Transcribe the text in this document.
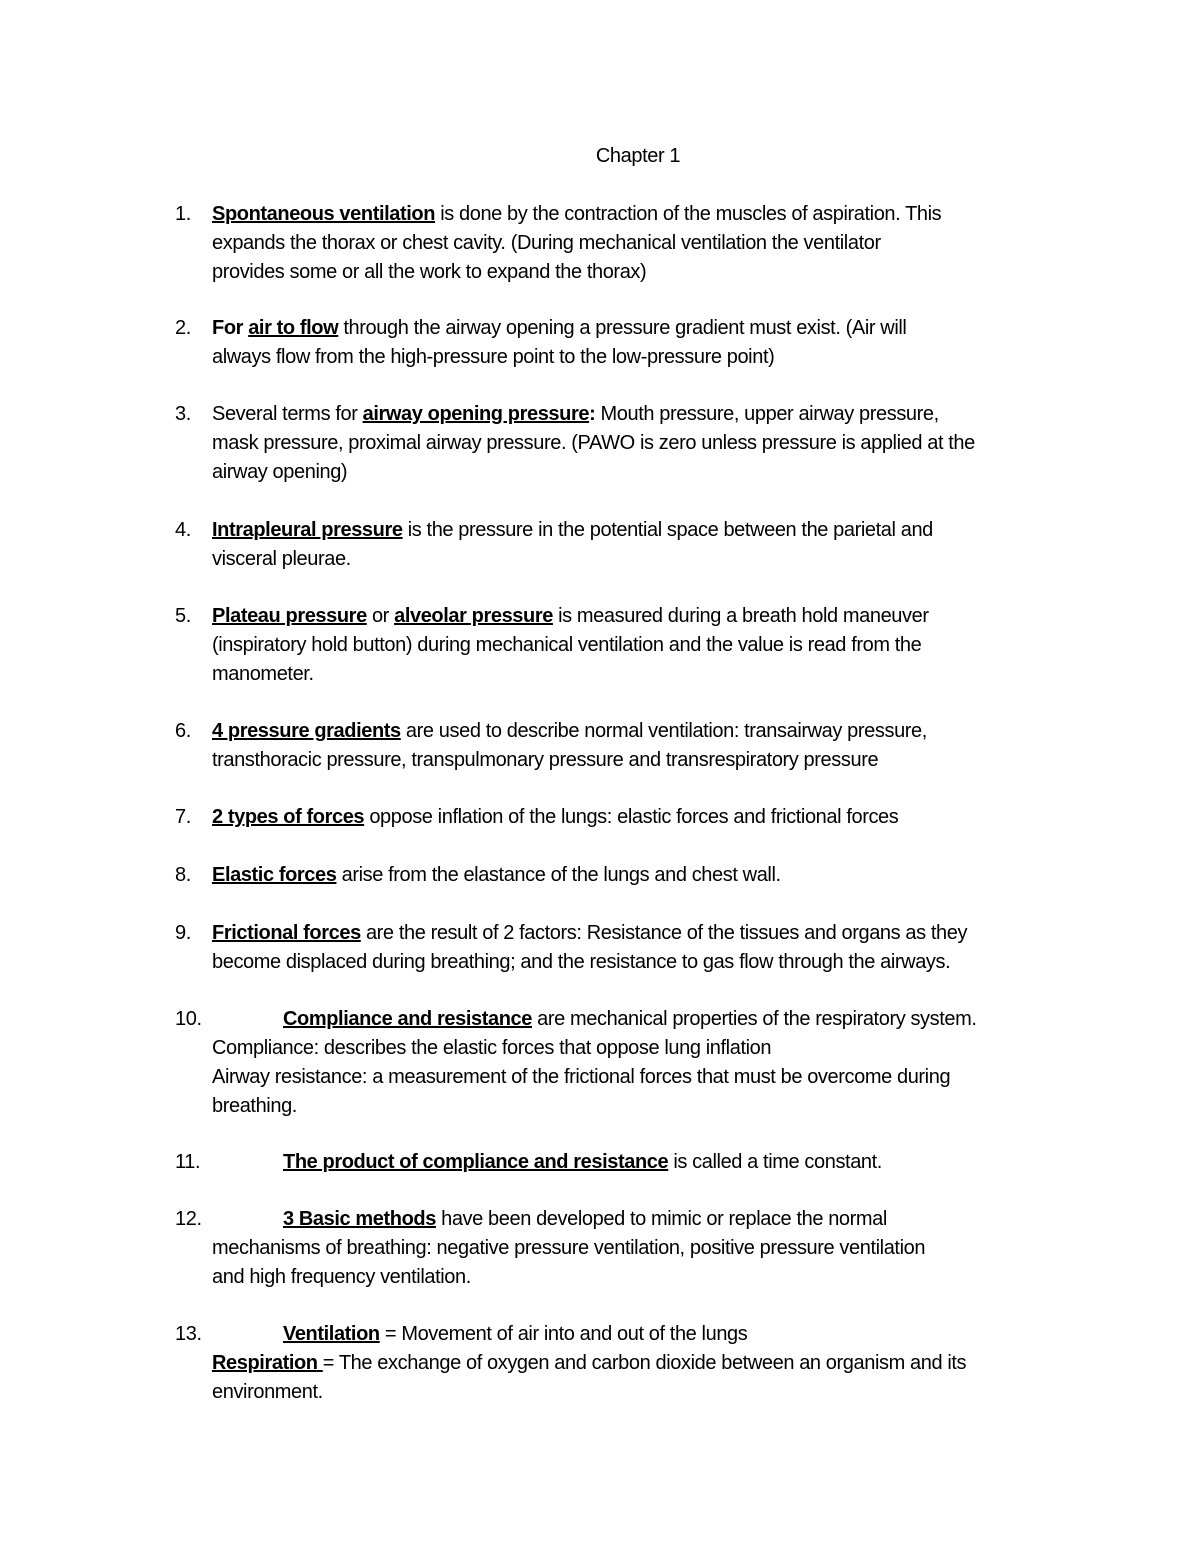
Chapter 1
1. Spontaneous ventilation is done by the contraction of the muscles of aspiration. This
expands the thorax or chest cavity. (During mechanical ventilation the ventilator
provides some or all the work to expand the thorax)
2. For air to flow through the airway opening a pressure gradient must exist. (Air will
always flow from the high-pressure point to the low-pressure point)
3. Several terms for airway opening pressure: Mouth pressure, upper airway pressure,
mask pressure, proximal airway pressure. (PAWO is zero unless pressure is applied at the
airway opening)
4. Intrapleural pressure is the pressure in the potential space between the parietal and
visceral pleurae.
5. Plateau pressure or alveolar pressure is measured during a breath hold maneuver
(inspiratory hold button) during mechanical ventilation and the value is read from the
manometer.
6. 4 pressure gradients are used to describe normal ventilation: transairway pressure,
transthoracic pressure, transpulmonary pressure and transrespiratory pressure
7. 2 types of forces oppose inflation of the lungs: elastic forces and frictional forces
8. Elastic forces arise from the elastance of the lungs and chest wall.
9. Frictional forces are the result of 2 factors: Resistance of the tissues and organs as they
become displaced during breathing; and the resistance to gas flow through the airways.
10.	Compliance and resistance are mechanical properties of the respiratory system.
Compliance: describes the elastic forces that oppose lung inflation
Airway resistance: a measurement of the frictional forces that must be overcome during
breathing.
11.	The product of compliance and resistance is called a time constant.
12.	3 Basic methods have been developed to mimic or replace the normal
mechanisms of breathing: negative pressure ventilation, positive pressure ventilation
and high frequency ventilation.
13.	Ventilation = Movement of air into and out of the lungs
Respiration = The exchange of oxygen and carbon dioxide between an organism and its
environment.
